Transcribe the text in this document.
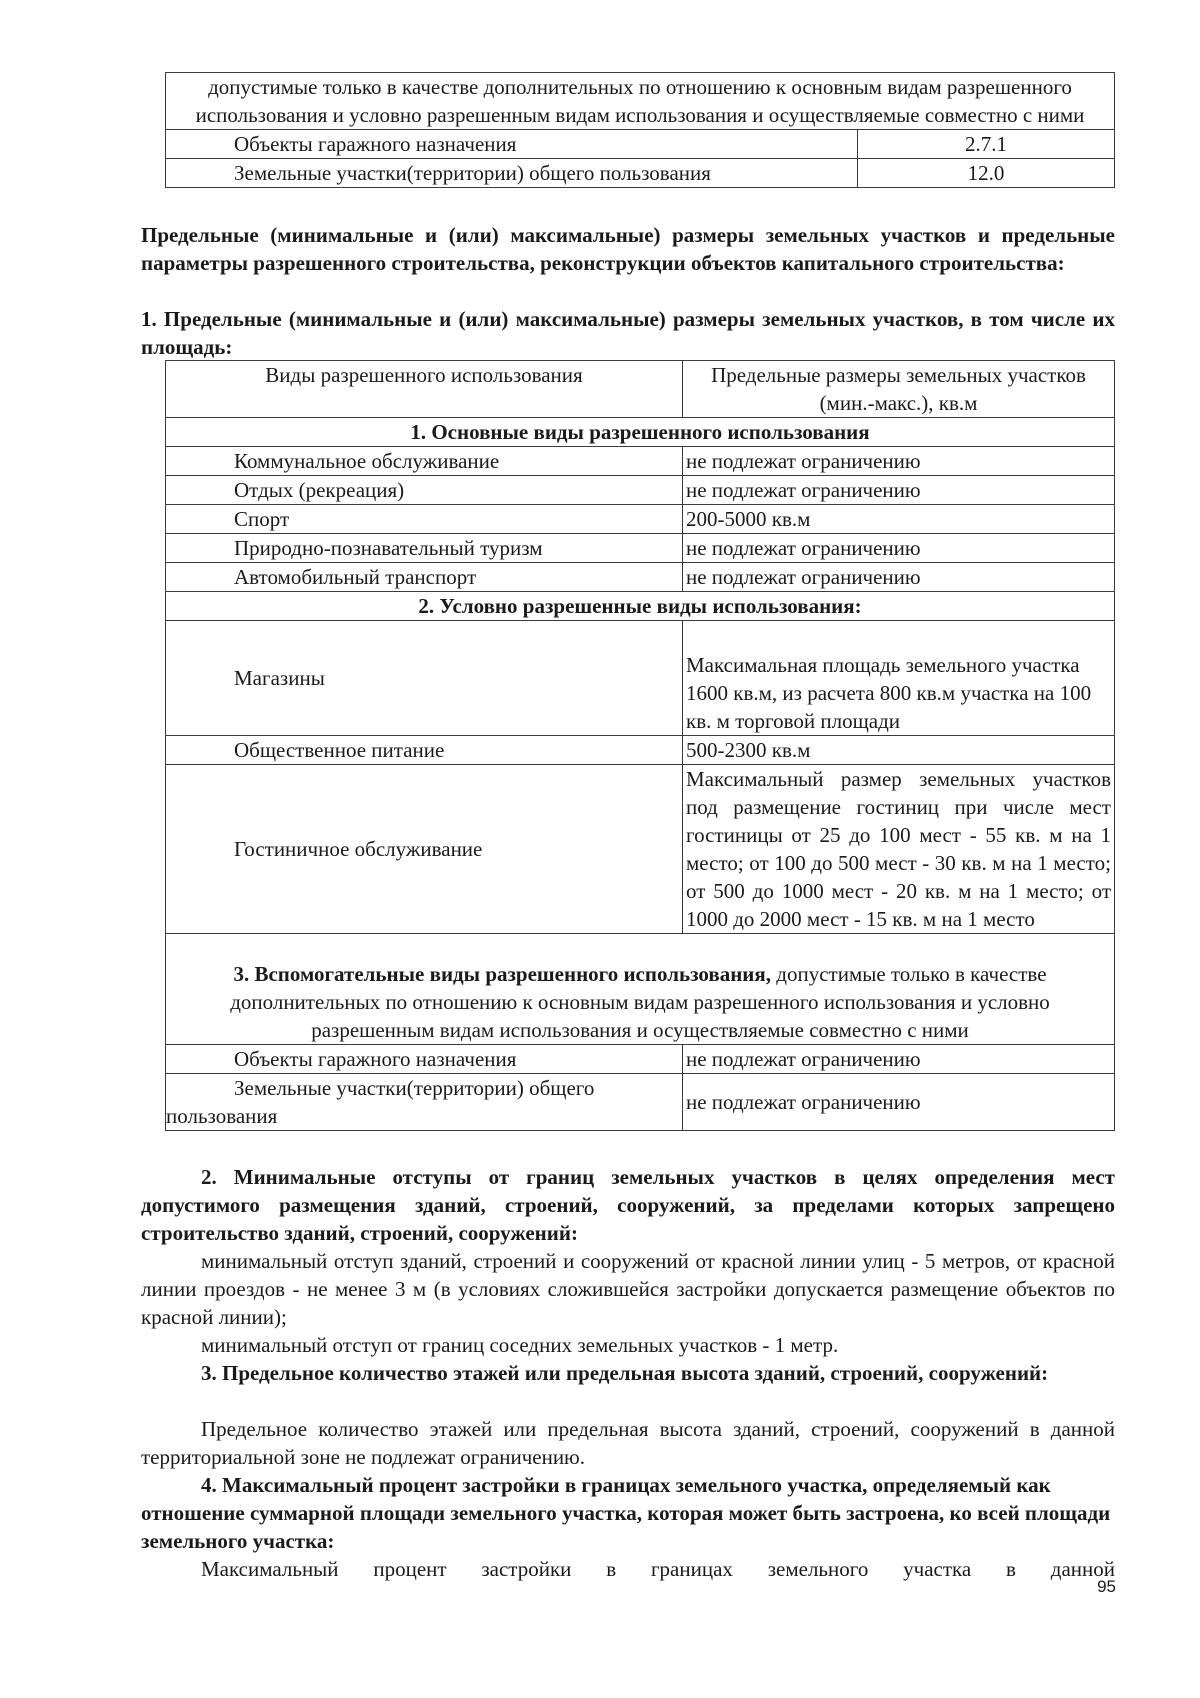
допустимые только в качестве дополнительных по отношению к основным видам разрешенного использования и условно разрешенным видам использования и осуществляемые совместно с ними	
Объекты гаражного назначения	2.7.1
Земельные участки(территории) общего пользования	12.0
Предельные (минимальные и (или) максимальные) размеры земельных участков и предельные параметры разрешенного строительства, реконструкции объектов капитального строительства:
1. Предельные (минимальные и (или) максимальные) размеры земельных участков, в том числе их площадь:
Виды разрешенного использования	Предельные размеры земельных участков (мин.-макс.), кв.м
1. Основные виды разрешенного использования	
Коммунальное обслуживание	не подлежат ограничению
Отдых (рекреация)	не подлежат ограничению
Спорт	200-5000 кв.м
Природно-познавательный туризм	не подлежат ограничению
Автомобильный транспорт	не подлежат ограничению
2. Условно разрешенные виды использования:	
Магазины	Максимальная площадь земельного участка 1600 кв.м, из расчета 800 кв.м участка на 100 кв. м торговой площади
Общественное питание	500-2300 кв.м
Гостиничное обслуживание	Максимальный размер земельных участков под размещение гостиниц при числе мест гостиницы от 25 до 100 мест - 55 кв. м на 1 место; от 100 до 500 мест - 30 кв. м на 1 место; от 500 до 1000 мест - 20 кв. м на 1 место; от 1000 до 2000 мест - 15 кв. м на 1 место
3. Вспомогательные виды разрешенного использования, допустимые только в качестве дополнительных по отношению к основным видам разрешенного использования и условно разрешенным видам использования и осуществляемые совместно с ними	
Объекты гаражного назначения	не подлежат ограничению
Земельные участки(территории) общего пользования	не подлежат ограничению
2. Минимальные отступы от границ земельных участков в целях определения мест допустимого размещения зданий, строений, сооружений, за пределами которых запрещено строительство зданий, строений, сооружений:
минимальный отступ зданий, строений и сооружений от красной линии улиц - 5 метров, от красной линии проездов - не менее 3 м (в условиях сложившейся застройки допускается размещение объектов по красной линии);
минимальный отступ от границ соседних земельных участков - 1 метр.
3. Предельное количество этажей или предельная высота зданий, строений, сооружений:
Предельное количество этажей или предельная высота зданий, строений, сооружений в данной территориальной зоне не подлежат ограничению.
4. Максимальный процент застройки в границах земельного участка, определяемый как отношение суммарной площади земельного участка, которая может быть застроена, ко всей площади земельного участка:
Максимальный процент застройки в границах земельного участка в данной
95
